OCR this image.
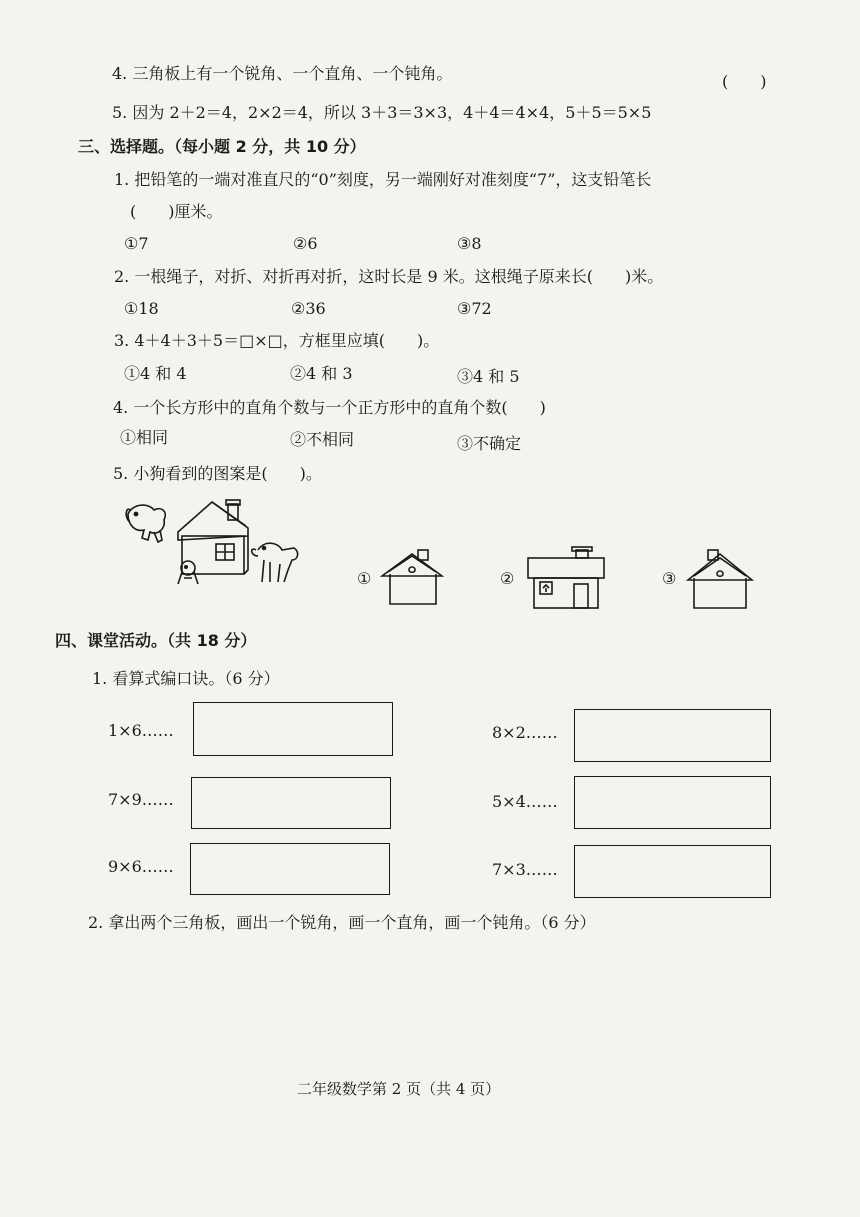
4. 三角板上有一个锐角、一个直角、一个钝角。	(　　)
5. 因为 2＋2＝4，2×2＝4，所以 3＋3＝3×3，4＋4＝4×4，5＋5＝5×5
三、选择题。（每小题 2 分，共 10 分）
1. 把铅笔的一端对准直尺的“0”刻度，另一端刚好对准刻度“7”，这支铅笔长
(　　)厘米。
①7	②6	③8
2. 一根绳子，对折、对折再对折，这时长是 9 米。这根绳子原来长(　　)米。
①18	②36	③72
3. 4＋4＋3＋5＝□×□，方框里应填(　　)。
①4 和 4	②4 和 3	③4 和 5
4. 一个长方形中的直角个数与一个正方形中的直角个数(　　)
①相同	②不相同	③不确定
5. 小狗看到的图案是(　　)。
①	②	③
四、课堂活动。（共 18 分）
1. 看算式编口诀。（6 分）
1×6……	8×2……
7×9……	5×4……
9×6……	7×3……
2. 拿出两个三角板，画出一个锐角，画一个直角，画一个钝角。（6 分）
二年级数学第 2 页（共 4 页）
